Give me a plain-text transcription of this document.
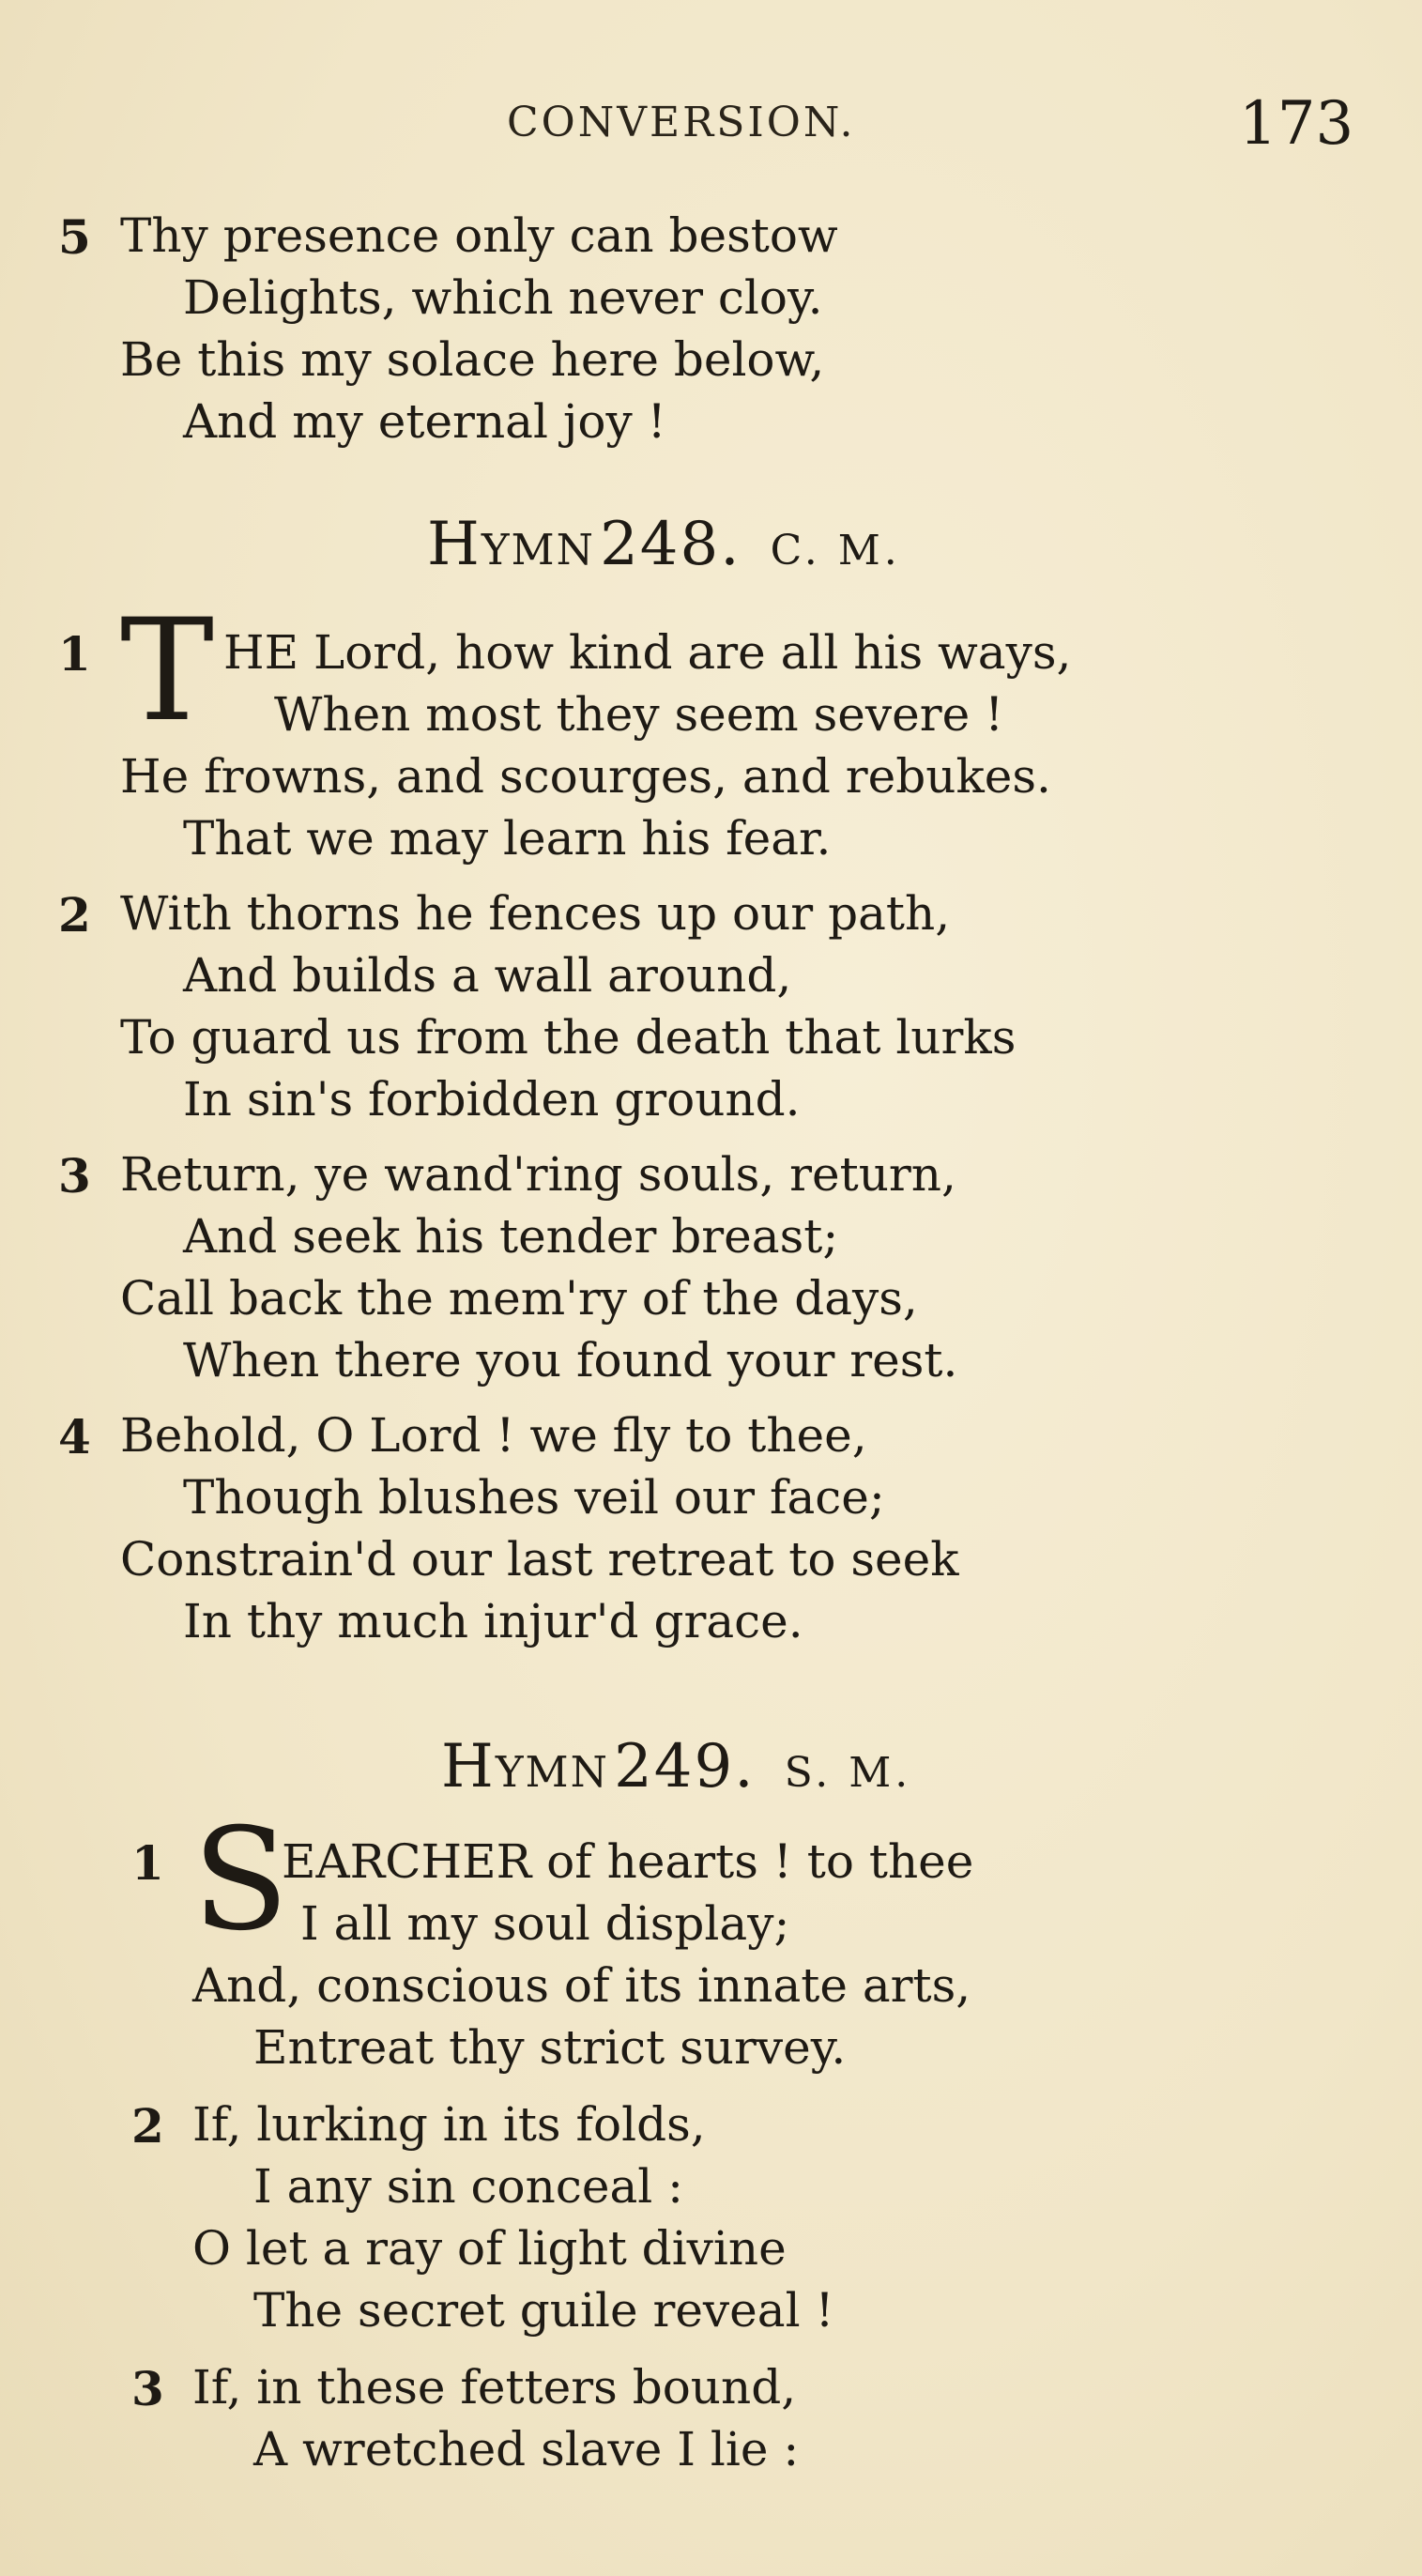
CONVERSION.	173
5 Thy presence only can bestow
Delights, which never cloy.
Be this my solace here below,
And my eternal joy !
Hymn 248. C. M.
1 T HE Lord, how kind are all his ways,
When most they seem severe !
He frowns, and scourges, and rebukes.
That we may learn his fear.
2 With thorns he fences up our path,
And builds a wall around,
To guard us from the death that lurks
In sin's forbidden ground.
3 Return, ye wand'ring souls, return,
And seek his tender breast;
Call back the mem'ry of the days,
When there you found your rest.
4 Behold, O Lord ! we fly to thee,
Though blushes veil our face;
Constrain'd our last retreat to seek
In thy much injur'd grace.
Hymn 249. S. M.
1 S
EARCHER of hearts ! to thee
I all my soul display;
And, conscious of its innate arts,
Entreat thy strict survey.
2 If, lurking in its folds,
I any sin conceal :
O let a ray of light divine
The secret guile reveal !
3 If, in these fetters bound,
A wretched slave I lie :
